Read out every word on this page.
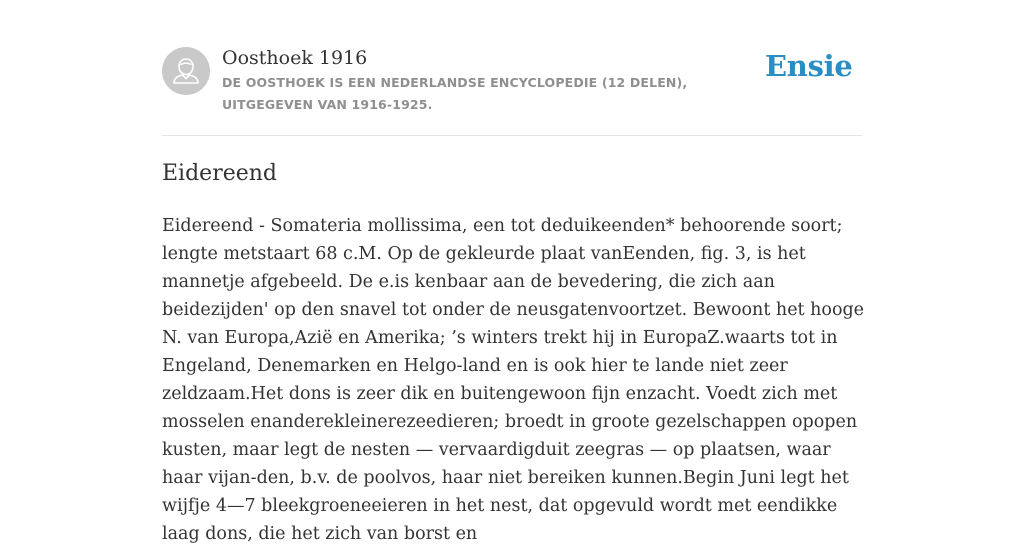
Oosthoek 1916
DE OOSTHOEK IS EEN NEDERLANDSE ENCYCLOPEDIE (12 DELEN), UITGEGEVEN VAN 1916-1925.
Ensie
Eidereend

Eidereend - Somateria mollissima, een tot deduikeenden* behoorende soort; lengte metstaart 68 c.M. Op de gekleurde plaat vanEenden, fig. 3, is het mannetje afgebeeld. De e.is kenbaar aan de bevedering, die zich aan beidezijden' op den snavel tot onder de neusgatenvoortzet. Bewoont het hooge N. van Europa,Azië en Amerika; ’s winters trekt hij in EuropaZ.waarts tot in Engeland, Denemarken en Helgo-land en is ook hier te lande niet zeer zeldzaam.Het dons is zeer dik en buitengewoon fijn enzacht. Voedt zich met mosselen enanderekleinerezeedieren; broedt in groote gezelschappen opopen kusten, maar legt de nesten — vervaardigduit zeegras — op plaatsen, waar haar vijan-den, b.v. de poolvos, haar niet bereiken kunnen.Begin Juni legt het wijfje 4—7 bleekgroeneeieren in het nest, dat opgevuld wordt met eendikke laag dons, die het zich van borst en
